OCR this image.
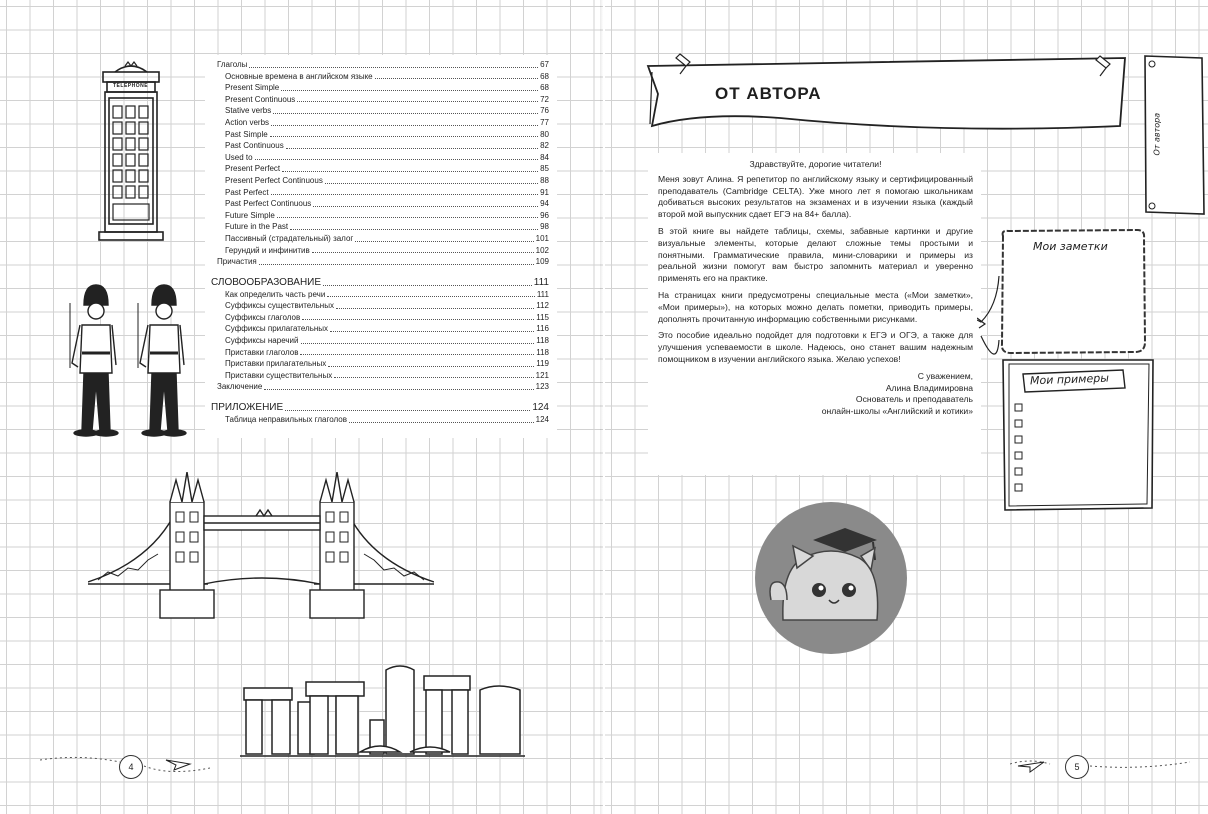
TELEPHONE
Глаголы	67
Основные времена в английском языке	68
Present Simple	68
Present Continuous	72
Stative verbs	76
Action verbs	77
Past Simple	80
Past Continuous	82
Used to	84
Present Perfect	85
Present Perfect Continuous	88
Past Perfect	91
Past Perfect Continuous	94
Future Simple	96
Future in the Past	98
Пассивный (страдательный) залог	101
Герундий и инфинитив	102
Причастия	109
СЛОВООБРАЗОВАНИЕ	111
Как определить часть речи	111
Суффиксы существительных	112
Суффиксы глаголов	115
Суффиксы прилагательных	116
Суффиксы наречий	118
Приставки глаголов	118
Приставки прилагательных	119
Приставки существительных	121
Заключение	123
ПРИЛОЖЕНИЕ	124
Таблица неправильных глаголов	124
4
ОТ АВТОРА
От автора

Здравствуйте, дорогие читатели!

Меня зовут Алина. Я репетитор по английскому языку и сертифицированный преподаватель (Cambridge CELTA). Уже много лет я помогаю школьникам добиваться высоких результатов на экзаменах и в изучении языка (каждый второй мой выпускник сдает ЕГЭ на 84+ балла).

В этой книге вы найдете таблицы, схемы, забавные картинки и другие визуальные элементы, которые делают сложные темы простыми и понятными. Грамматические правила, мини-словарики и примеры из реальной жизни помогут вам быстро запомнить материал и уверенно применять его на практике.

На страницах книги предусмотрены специальные места («Мои заметки», «Мои примеры»), на которых можно делать пометки, приводить примеры, дополнять прочитанную информацию собственными рисунками.

Это пособие идеально подойдет для подготовки к ЕГЭ и ОГЭ, а также для улучшения успеваемости в школе. Надеюсь, оно станет вашим надежным помощником в изучении английского языка. Желаю успехов!

С уважением,

Алина Владимировна

Основатель и преподаватель

онлайн-школы «Английский и котики»

Мои заметки
Мои примеры
5
